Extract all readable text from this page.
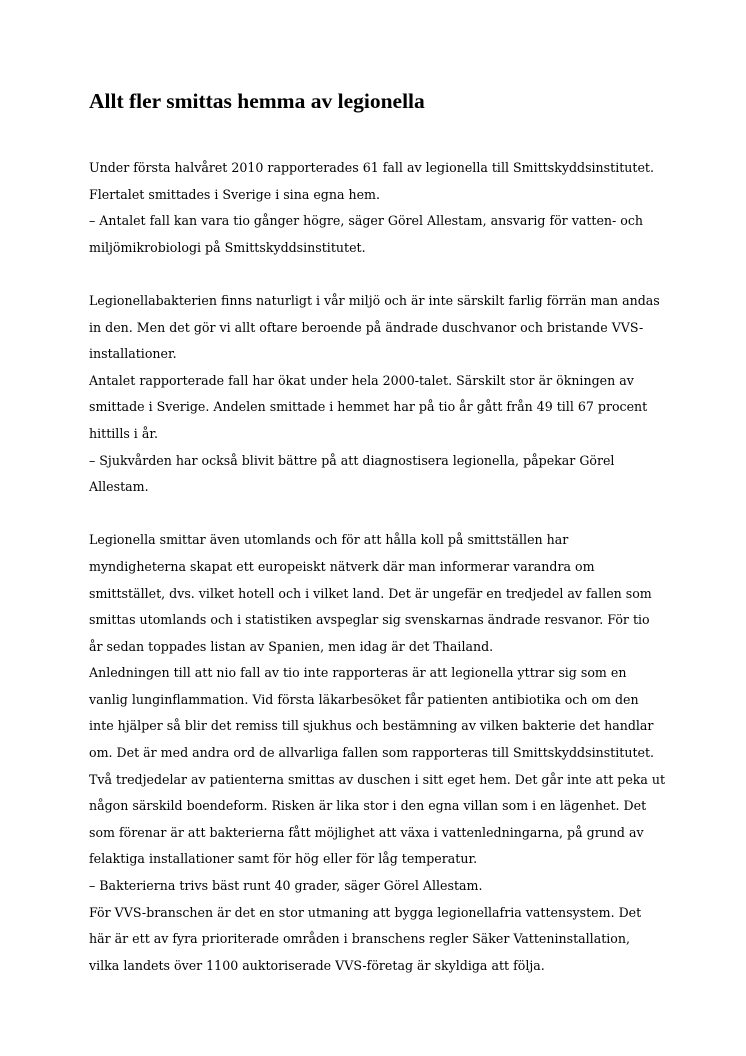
Allt fler smittas hemma av legionella
Under första halvåret 2010 rapporterades 61 fall av legionella till Smittskyddsinstitutet.
Flertalet smittades i Sverige i sina egna hem.
– Antalet fall kan vara tio gånger högre, säger Görel Allestam, ansvarig för vatten- och
miljömikrobiologi på Smittskyddsinstitutet.
Legionellabakterien finns naturligt i vår miljö och är inte särskilt farlig förrän man andas
in den. Men det gör vi allt oftare beroende på ändrade duschvanor och bristande VVS-
installationer.
Antalet rapporterade fall har ökat under hela 2000-talet. Särskilt stor är ökningen av
smittade i Sverige. Andelen smittade i hemmet har på tio år gått från 49 till 67 procent
hittills i år.
– Sjukvården har också blivit bättre på att diagnostisera legionella, påpekar Görel
Allestam.
Legionella smittar även utomlands och för att hålla koll på smittställen har
myndigheterna skapat ett europeiskt nätverk där man informerar varandra om
smittstället, dvs. vilket hotell och i vilket land. Det är ungefär en tredjedel av fallen som
smittas utomlands och i statistiken avspeglar sig svenskarnas ändrade resvanor. För tio
år sedan toppades listan av Spanien, men idag är det Thailand.
Anledningen till att nio fall av tio inte rapporteras är att legionella yttrar sig som en
vanlig lunginflammation. Vid första läkarbesöket får patienten antibiotika och om den
inte hjälper så blir det remiss till sjukhus och bestämning av vilken bakterie det handlar
om. Det är med andra ord de allvarliga fallen som rapporteras till Smittskyddsinstitutet.
Två tredjedelar av patienterna smittas av duschen i sitt eget hem. Det går inte att peka ut
någon särskild boendeform. Risken är lika stor i den egna villan som i en lägenhet. Det
som förenar är att bakterierna fått möjlighet att växa i vattenledningarna, på grund av
felaktiga installationer samt för hög eller för låg temperatur.
– Bakterierna trivs bäst runt 40 grader, säger Görel Allestam.
För VVS-branschen är det en stor utmaning att bygga legionellafria vattensystem. Det
här är ett av fyra prioriterade områden i branschens regler Säker Vatteninstallation,
vilka landets över 1100 auktoriserade VVS-företag är skyldiga att följa.
